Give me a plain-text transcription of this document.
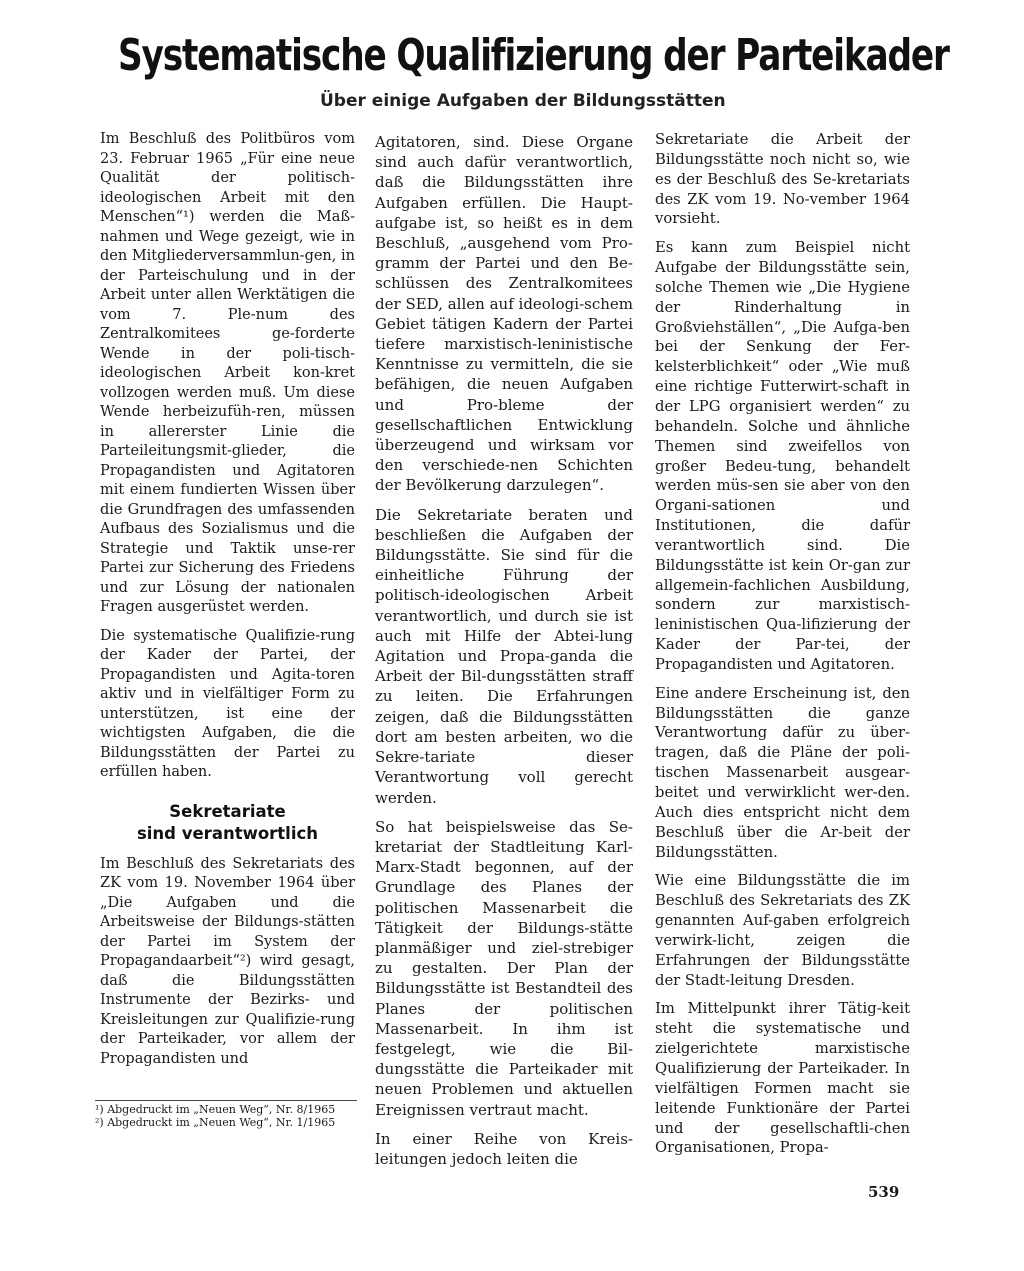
Systematische Qualifizierung der Parteikader
Über einige Aufgaben der Bildungsstätten

Im Beschluß des Politbüros vom 23. Februar 1965 „Für eine neue Qualität der politisch-ideologischen Arbeit mit den Menschen“¹) werden die Maß-nahmen und Wege gezeigt, wie in den Mitgliederversammlun-gen, in der Parteischulung und in der Arbeit unter allen Werktätigen die vom 7. Ple-num des Zentralkomitees ge-forderte Wende in der poli-tisch-ideologischen Arbeit kon-kret vollzogen werden muß. Um diese Wende herbeizufüh-ren, müssen in allererster Linie die Parteileitungsmit-glieder, die Propagandisten und Agitatoren mit einem fundierten Wissen über die Grundfragen des umfassenden Aufbaus des Sozialismus und die Strategie und Taktik unse-rer Partei zur Sicherung des Friedens und zur Lösung der nationalen Fragen ausgerüstet werden.

Die systematische Qualifizie-rung der Kader der Partei, der Propagandisten und Agita-toren aktiv und in vielfältiger Form zu unterstützen, ist eine der wichtigsten Aufgaben, die die Bildungsstätten der Partei zu erfüllen haben.

Sekretariate
sind verantwortlich

Im Beschluß des Sekretariats des ZK vom 19. November 1964 über „Die Aufgaben und die Arbeitsweise der Bildungs-stätten der Partei im System der Propagandaarbeit“²) wird gesagt, daß die Bildungsstätten Instrumente der Bezirks- und Kreisleitungen zur Qualifizie-rung der Parteikader, vor allem der Propagandisten und

Agitatoren, sind. Diese Organe sind auch dafür verantwortlich, daß die Bildungsstätten ihre Aufgaben erfüllen. Die Haupt-aufgabe ist, so heißt es in dem Beschluß, „ausgehend vom Pro-gramm der Partei und den Be-schlüssen des Zentralkomitees der SED, allen auf ideologi-schem Gebiet tätigen Kadern der Partei tiefere marxistisch-leninistische Kenntnisse zu vermitteln, die sie befähigen, die neuen Aufgaben und Pro-bleme der gesellschaftlichen Entwicklung überzeugend und wirksam vor den verschiede-nen Schichten der Bevölkerung darzulegen“.

Die Sekretariate beraten und beschließen die Aufgaben der Bildungsstätte. Sie sind für die einheitliche Führung der politisch-ideologischen Arbeit verantwortlich, und durch sie ist auch mit Hilfe der Abtei-lung Agitation und Propa-ganda die Arbeit der Bil-dungsstätten straff zu leiten. Die Erfahrungen zeigen, daß die Bildungsstätten dort am besten arbeiten, wo die Sekre-tariate dieser Verantwortung voll gerecht werden.

So hat beispielsweise das Se-kretariat der Stadtleitung Karl-Marx-Stadt begonnen, auf der Grundlage des Planes der politischen Massenarbeit die Tätigkeit der Bildungs-stätte planmäßiger und ziel-strebiger zu gestalten. Der Plan der Bildungsstätte ist Bestandteil des Planes der politischen Massenarbeit. In ihm ist festgelegt, wie die Bil-dungsstätte die Parteikader mit neuen Problemen und aktuellen Ereignissen vertraut macht.

In einer Reihe von Kreis-leitungen jedoch leiten die

Sekretariate die Arbeit der Bildungsstätte noch nicht so, wie es der Beschluß des Se-kretariats des ZK vom 19. No-vember 1964 vorsieht.

Es kann zum Beispiel nicht Aufgabe der Bildungsstätte sein, solche Themen wie „Die Hygiene der Rinderhaltung in Großviehställen“, „Die Aufga-ben bei der Senkung der Fer-kelsterblichkeit“ oder „Wie muß eine richtige Futterwirt-schaft in der LPG organisiert werden“ zu behandeln. Solche und ähnliche Themen sind zweifellos von großer Bedeu-tung, behandelt werden müs-sen sie aber von den Organi-sationen und Institutionen, die dafür verantwortlich sind. Die Bildungsstätte ist kein Or-gan zur allgemein-fachlichen Ausbildung, sondern zur marxistisch-leninistischen Qua-lifizierung der Kader der Par-tei, der Propagandisten und Agitatoren.

Eine andere Erscheinung ist, den Bildungsstätten die ganze Verantwortung dafür zu über-tragen, daß die Pläne der poli-tischen Massenarbeit ausgear-beitet und verwirklicht wer-den. Auch dies entspricht nicht dem Beschluß über die Ar-beit der Bildungsstätten.

Wie eine Bildungsstätte die im Beschluß des Sekretariats des ZK genannten Auf-gaben erfolgreich verwirk-licht, zeigen die Erfahrungen der Bildungsstätte der Stadt-leitung Dresden.

Im Mittelpunkt ihrer Tätig-keit steht die systematische und zielgerichtete marxistische Qualifizierung der Parteikader. In vielfältigen Formen macht sie leitende Funktionäre der Partei und der gesellschaftli-chen Organisationen, Propa-

¹) Abgedruckt im „Neuen Weg“, Nr. 8/1965
²) Abgedruckt im „Neuen Weg“, Nr. 1/1965
539
